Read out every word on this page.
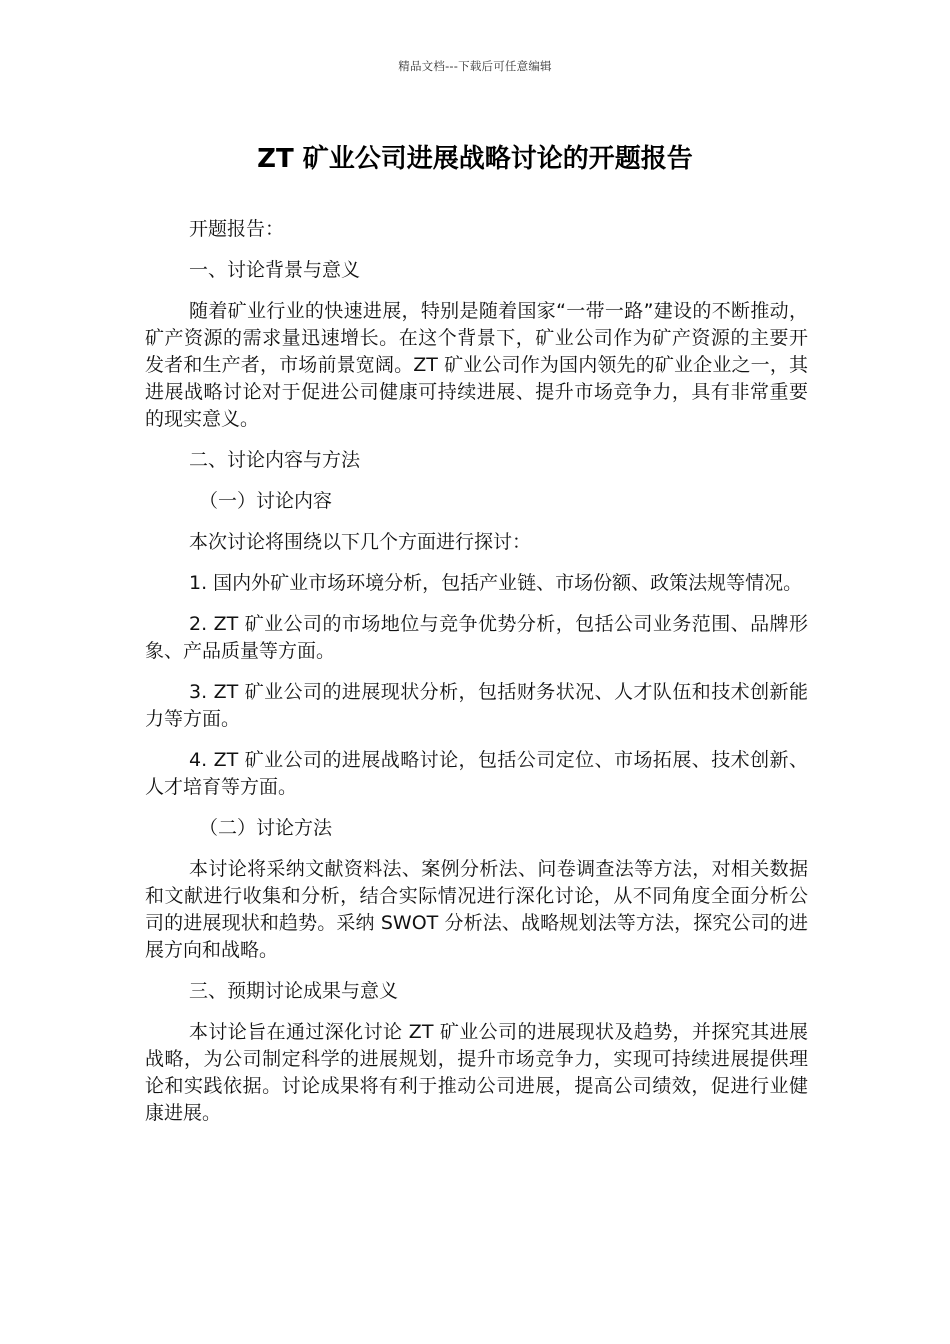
精品文档---下载后可任意编辑
ZT 矿业公司进展战略讨论的开题报告

开题报告：

一、讨论背景与意义

随着矿业行业的快速进展，特别是随着国家“一带一路”建设的不断推动，矿产资源的需求量迅速增长。在这个背景下，矿业公司作为矿产资源的主要开发者和生产者，市场前景宽阔。ZT 矿业公司作为国内领先的矿业企业之一，其进展战略讨论对于促进公司健康可持续进展、提升市场竞争力，具有非常重要的现实意义。

二、讨论内容与方法

（一）讨论内容

本次讨论将围绕以下几个方面进行探讨：

1. 国内外矿业市场环境分析，包括产业链、市场份额、政策法规等情况。

2. ZT 矿业公司的市场地位与竞争优势分析，包括公司业务范围、品牌形象、产品质量等方面。

3. ZT 矿业公司的进展现状分析，包括财务状况、人才队伍和技术创新能力等方面。

4. ZT 矿业公司的进展战略讨论，包括公司定位、市场拓展、技术创新、人才培育等方面。

（二）讨论方法

本讨论将采纳文献资料法、案例分析法、问卷调查法等方法，对相关数据和文献进行收集和分析，结合实际情况进行深化讨论，从不同角度全面分析公司的进展现状和趋势。采纳 SWOT 分析法、战略规划法等方法，探究公司的进展方向和战略。

三、预期讨论成果与意义

本讨论旨在通过深化讨论 ZT 矿业公司的进展现状及趋势，并探究其进展战略，为公司制定科学的进展规划，提升市场竞争力，实现可持续进展提供理论和实践依据。讨论成果将有利于推动公司进展，提高公司绩效，促进行业健康进展。
